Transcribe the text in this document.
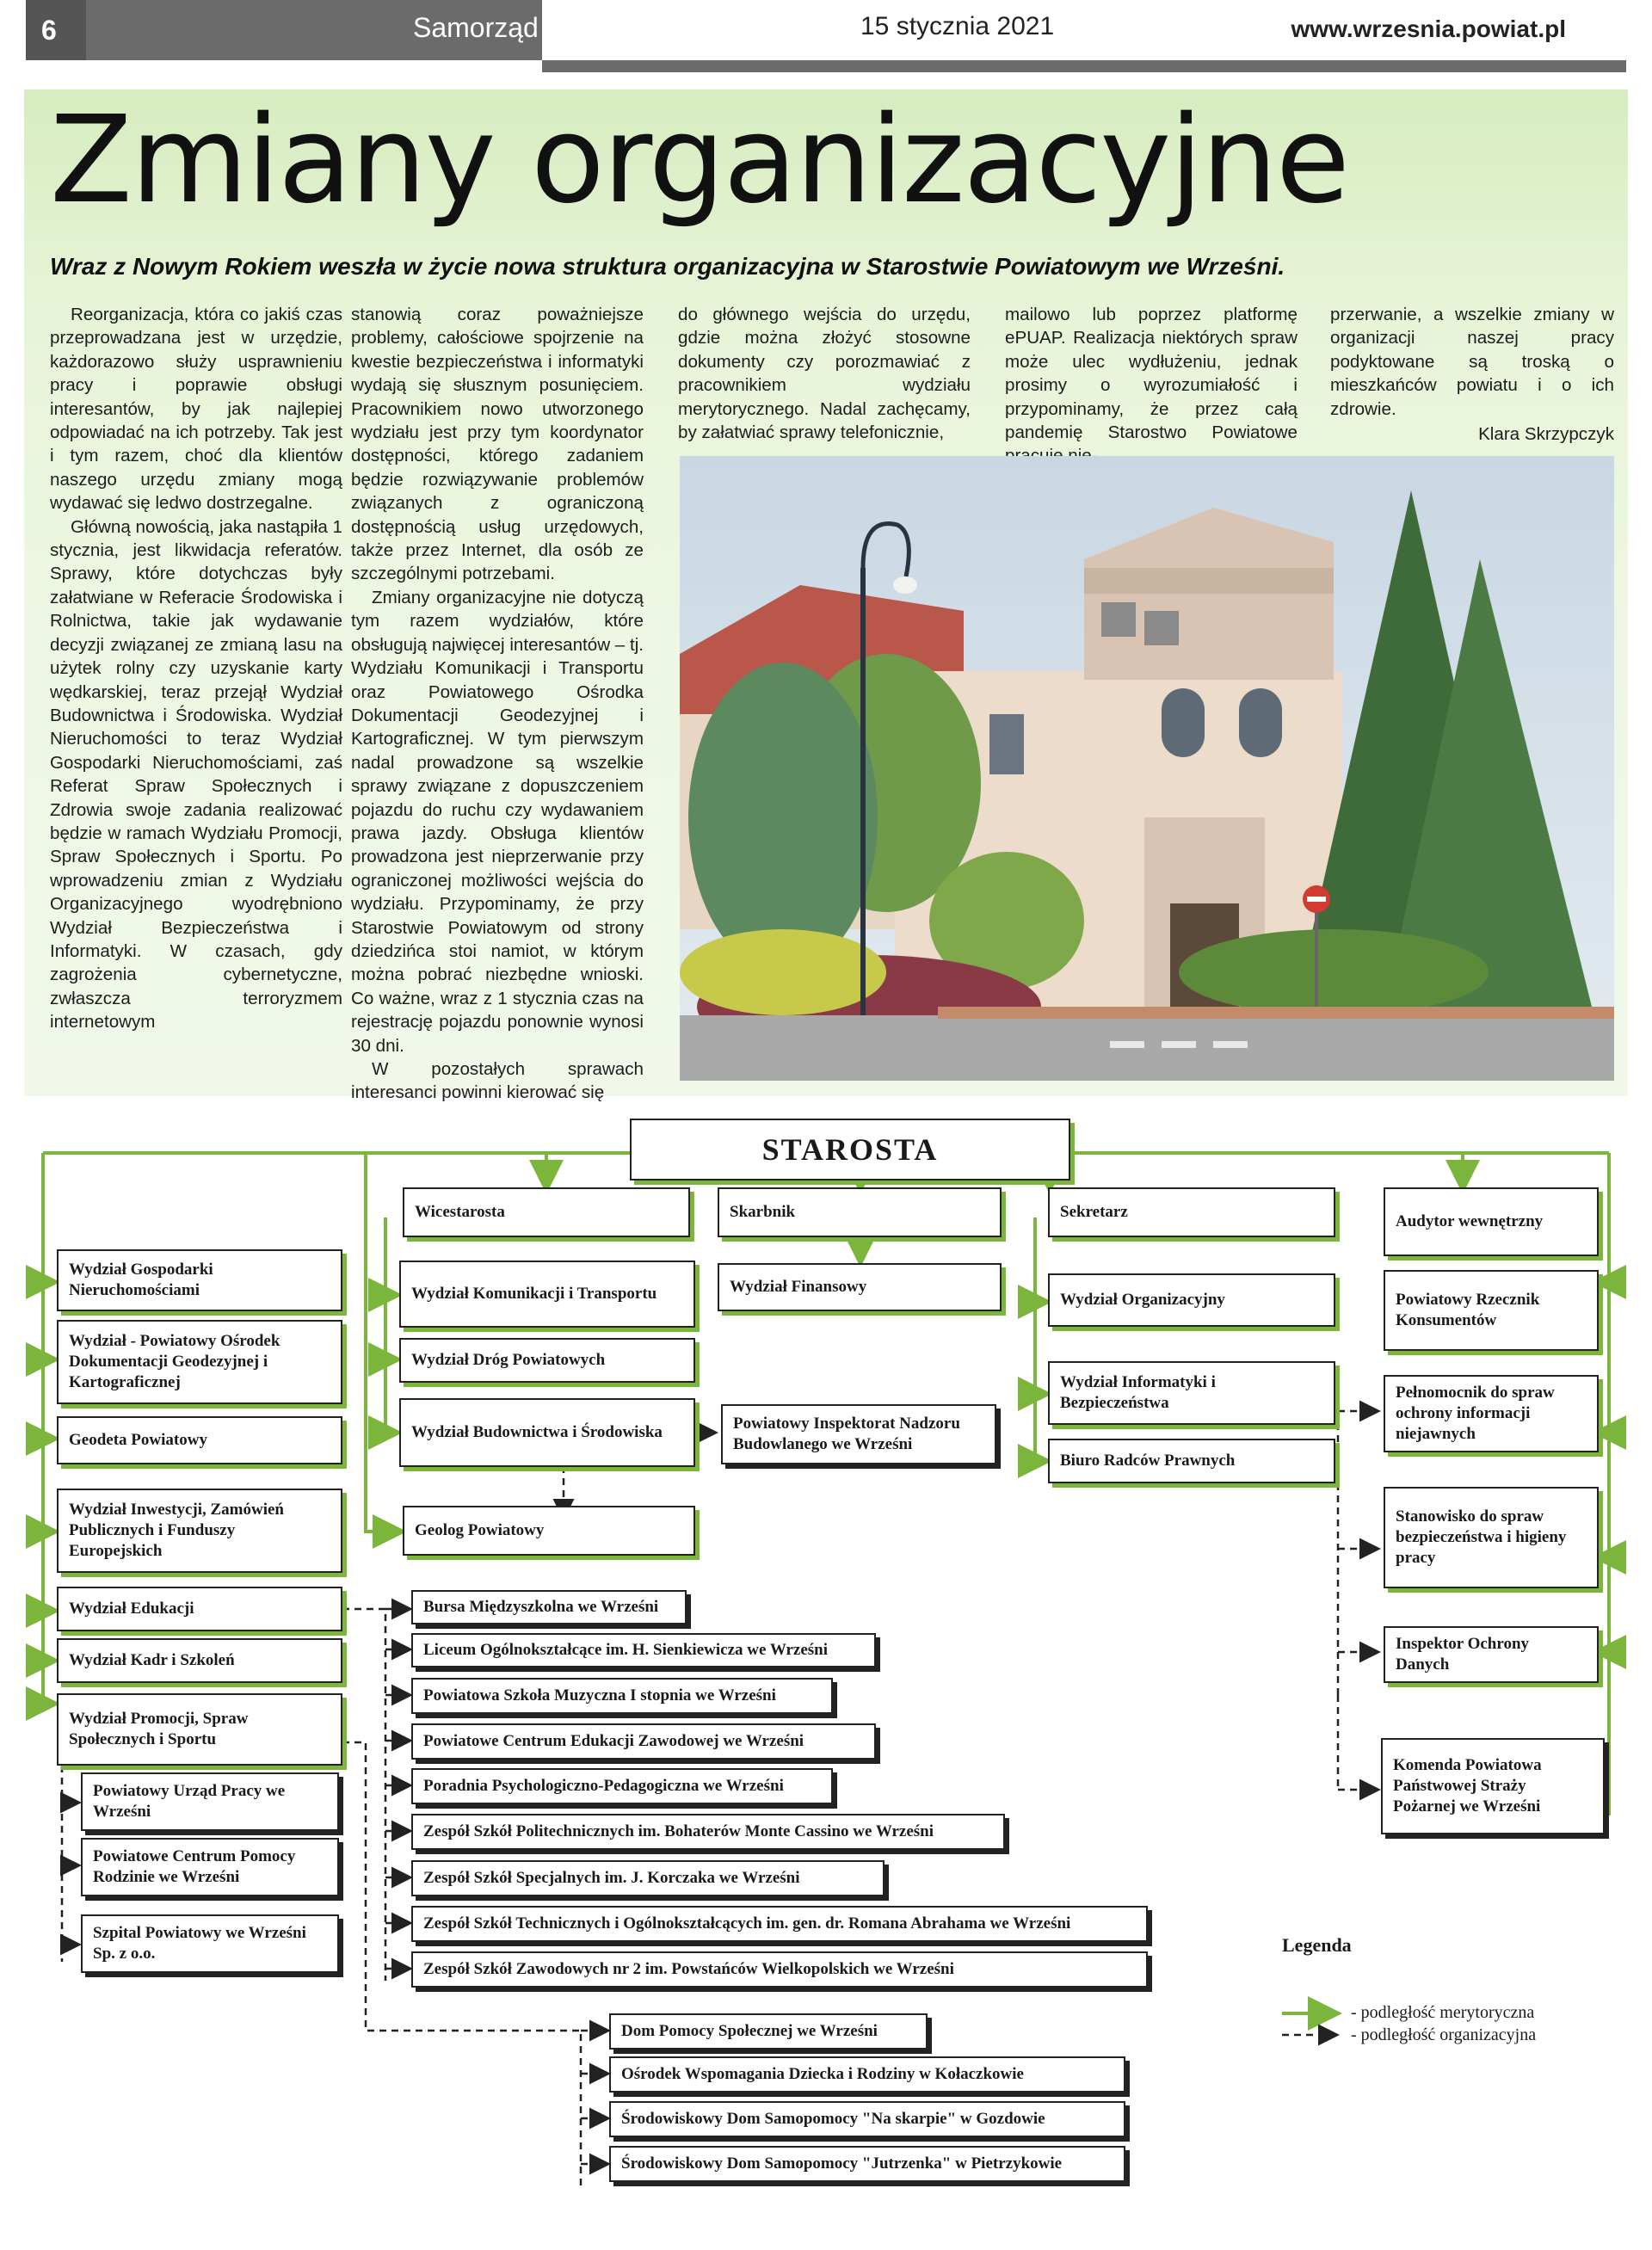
6	Samorząd	15 stycznia 2021	www.wrzesnia.powiat.pl
Zmiany organizacyjne

Wraz z Nowym Rokiem weszła w życie nowa struktura organizacyjna w Starostwie Powiatowym we Wrześni.

Reorganizacja, która co jakiś czas przeprowadzana jest w urzędzie, każdorazowo służy usprawnieniu pracy i poprawie obsługi interesantów, by jak najlepiej odpowiadać na ich potrzeby. Tak jest i tym razem, choć dla klientów naszego urzędu zmiany mogą wydawać się ledwo dostrzegalne.

Główną nowością, jaka nastąpiła 1 stycznia, jest likwidacja referatów. Sprawy, które dotychczas były załatwiane w Referacie Środowiska i Rolnictwa, takie jak wydawanie decyzji związanej ze zmianą lasu na użytek rolny czy uzyskanie karty wędkarskiej, teraz przejął Wydział Budownictwa i Środowiska. Wydział Nieruchomości to teraz Wydział Gospodarki Nieruchomościami, zaś Referat Spraw Społecznych i Zdrowia swoje zadania realizować będzie w ramach Wydziału Promocji, Spraw Społecznych i Sportu. Po wprowadzeniu zmian z Wydziału Organizacyjnego wyodrębniono Wydział Bezpieczeństwa i Informatyki. W czasach, gdy zagrożenia cybernetyczne, zwłaszcza terroryzmem internetowym

stanowią coraz poważniejsze problemy, całościowe spojrzenie na kwestie bezpieczeństwa i informatyki wydają się słusznym posunięciem. Pracownikiem nowo utworzonego wydziału jest przy tym koordynator dostępności, którego zadaniem będzie rozwiązywanie problemów związanych z ograniczoną dostępnością usług urzędowych, także przez Internet, dla osób ze szczególnymi potrzebami.

Zmiany organizacyjne nie dotyczą tym razem wydziałów, które obsługują najwięcej interesantów – tj. Wydziału Komunikacji i Transportu oraz Powiatowego Ośrodka Dokumentacji Geodezyjnej i Kartograficznej. W tym pierwszym nadal prowadzone są wszelkie sprawy związane z dopuszczeniem pojazdu do ruchu czy wydawaniem prawa jazdy. Obsługa klientów prowadzona jest nieprzerwanie przy ograniczonej możliwości wejścia do wydziału. Przypominamy, że przy Starostwie Powiatowym od strony dziedzińca stoi namiot, w którym można pobrać niezbędne wnioski. Co ważne, wraz z 1 stycznia czas na rejestrację pojazdu ponownie wynosi 30 dni.

W pozostałych sprawach interesanci powinni kierować się

do głównego wejścia do urzędu, gdzie można złożyć stosowne dokumenty czy porozmawiać z pracownikiem wydziału merytorycznego. Nadal zachęcamy, by załatwiać sprawy telefonicznie,

mailowo lub poprzez platformę ePUAP. Realizacja niektórych spraw może ulec wydłużeniu, jednak prosimy o wyrozumiałość i przypominamy, że przez całą pandemię Starostwo Powiatowe

przerwanie, a wszelkie zmiany w organizacji naszej pracy podyktowane są troską o mieszkańców powiatu i o ich zdrowie.

Klara Skrzypczyk
STAROSTA
Wicestarosta	Skarbnik	Sekretarz
Audytor wewnętrzny
Wydział Gospodarki Nieruchomościami
Wydział - Powiatowy Ośrodek Dokumentacji Geodezyjnej i Kartograficznej
Geodeta Powiatowy
Wydział Inwestycji, Zamówień Publicznych i Funduszy Europejskich
Wydział Edukacji
Wydział Kadr i Szkoleń
Wydział Promocji, Spraw Społecznych i Sportu
Powiatowy Urząd Pracy we Wrześni
Powiatowe Centrum Pomocy Rodzinie we Wrześni
Szpital Powiatowy we Wrześni Sp. z o.o.
Wydział Komunikacji i Transportu
Wydział Dróg Powiatowych
Wydział Budownictwa i Środowiska
Geolog Powiatowy
Powiatowy Inspektorat Nadzoru Budowlanego we Wrześni
Wydział Finansowy
Wydział Organizacyjny
Wydział Informatyki i Bezpieczeństwa
Biuro Radców Prawnych
Powiatowy Rzecznik Konsumentów
Pełnomocnik do spraw ochrony informacji niejawnych
Stanowisko do spraw bezpieczeństwa i higieny pracy
Inspektor Ochrony Danych
Komenda Powiatowa Państwowej Straży Pożarnej we Wrześni
Bursa Międzyszkolna we Wrześni
Liceum Ogólnokształcące im. H. Sienkiewicza we Wrześni
Powiatowa Szkoła Muzyczna I stopnia we Wrześni
Powiatowe Centrum Edukacji Zawodowej we Wrześni
Poradnia Psychologiczno-Pedagogiczna we Wrześni
Zespół Szkół Politechnicznych im. Bohaterów Monte Cassino we Wrześni
Zespół Szkół Specjalnych im. J. Korczaka we Wrześni
Zespół Szkół Technicznych i Ogólnokształcących im. gen. dr. Romana Abrahama we Wrześni
Zespół Szkół Zawodowych nr 2 im. Powstańców Wielkopolskich we Wrześni
Dom Pomocy Społecznej we Wrześni
Ośrodek Wspomagania Dziecka i Rodziny w Kołaczkowie
Środowiskowy Dom Samopomocy "Na skarpie" w Gozdowie
Środowiskowy Dom Samopomocy "Jutrzenka" w Pietrzykowie
Legenda
- podległość merytoryczna
- podległość organizacyjna
